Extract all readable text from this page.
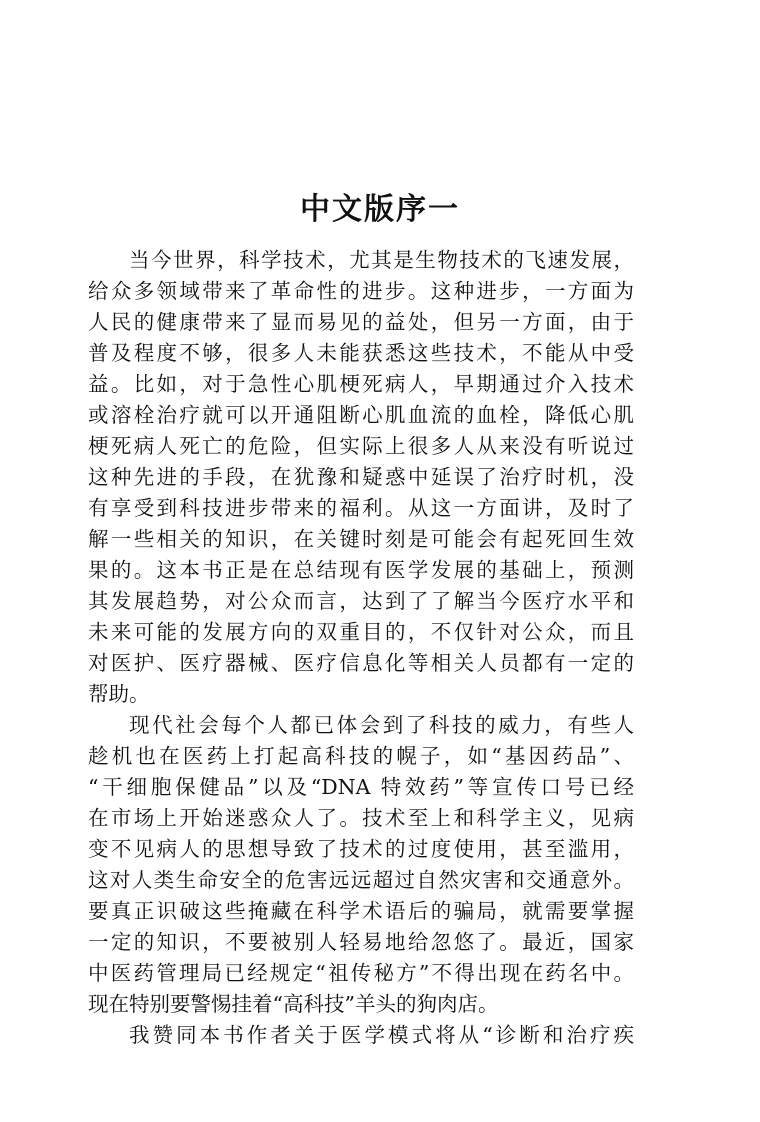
中文版序一
当今世界，科学技术，尤其是生物技术的飞速发展，
给众多领域带来了革命性的进步。这种进步，一方面为
人民的健康带来了显而易见的益处，但另一方面，由于
普及程度不够，很多人未能获悉这些技术，不能从中受
益。比如，对于急性心肌梗死病人，早期通过介入技术
或溶栓治疗就可以开通阻断心肌血流的血栓，降低心肌
梗死病人死亡的危险，但实际上很多人从来没有听说过
这种先进的手段，在犹豫和疑惑中延误了治疗时机，没
有享受到科技进步带来的福利。从这一方面讲，及时了
解一些相关的知识，在关键时刻是可能会有起死回生效
果的。这本书正是在总结现有医学发展的基础上，预测
其发展趋势，对公众而言，达到了了解当今医疗水平和
未来可能的发展方向的双重目的，不仅针对公众，而且
对医护、医疗器械、医疗信息化等相关人员都有一定的
帮助。
现代社会每个人都已体会到了科技的威力，有些人
趁机也在医药上打起高科技的幌子，如“基因药品”、
“干细胞保健品”以及“DNA 特效药”等宣传口号已经
在市场上开始迷惑众人了。技术至上和科学主义，见病
变不见病人的思想导致了技术的过度使用，甚至滥用，
这对人类生命安全的危害远远超过自然灾害和交通意外。
要真正识破这些掩藏在科学术语后的骗局，就需要掌握
一定的知识，不要被别人轻易地给忽悠了。最近，国家
中医药管理局已经规定“祖传秘方”不得出现在药名中。
现在特别要警惕挂着“高科技”羊头的狗肉店。
我赞同本书作者关于医学模式将从“诊断和治疗疾
